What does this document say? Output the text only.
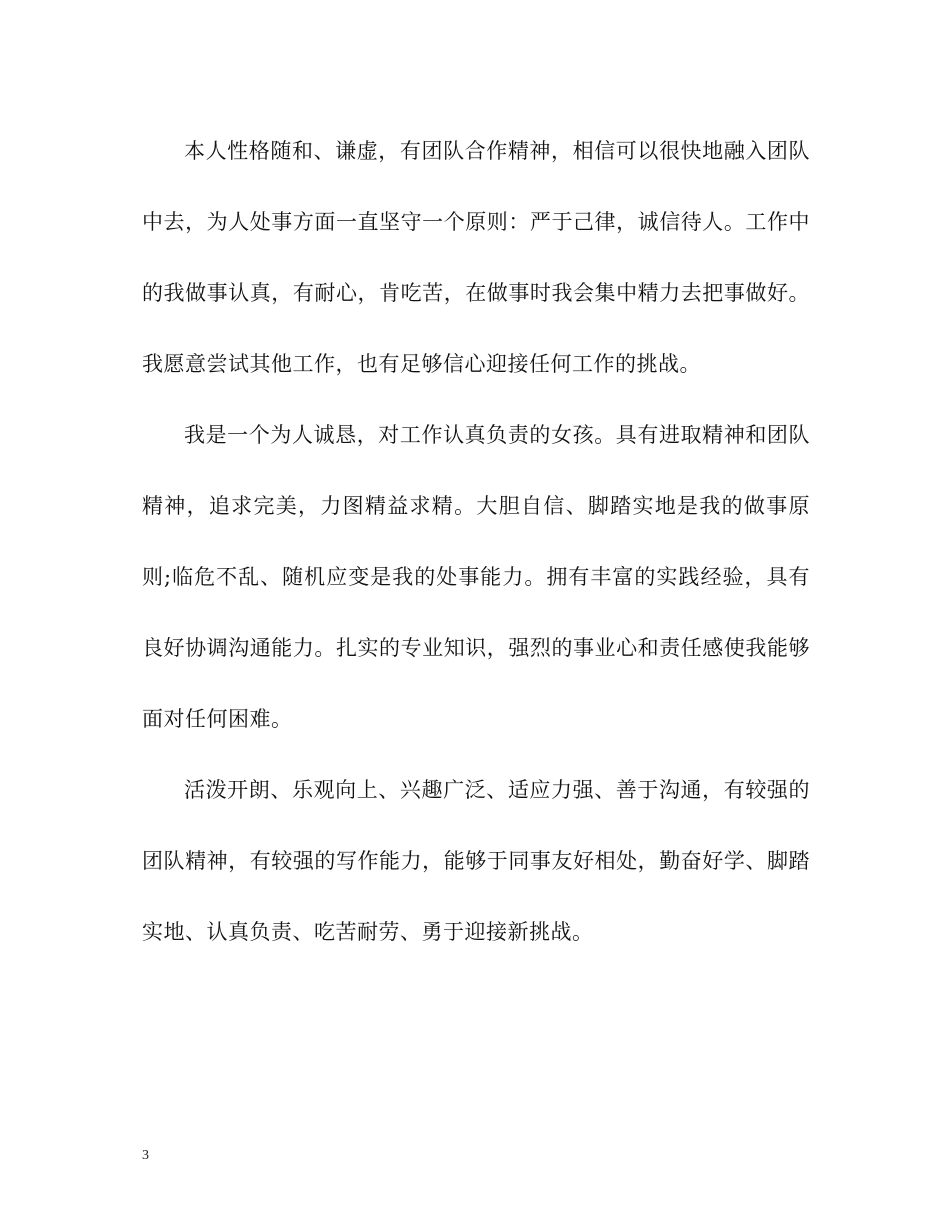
本人性格随和、谦虚，有团队合作精神，相信可以很快地融入团队中去，为人处事方面一直坚守一个原则：严于己律，诚信待人。工作中的我做事认真，有耐心，肯吃苦，在做事时我会集中精力去把事做好。我愿意尝试其他工作，也有足够信心迎接任何工作的挑战。

我是一个为人诚恳，对工作认真负责的女孩。具有进取精神和团队精神，追求完美，力图精益求精。大胆自信、脚踏实地是我的做事原则;临危不乱、随机应变是我的处事能力。拥有丰富的实践经验，具有良好协调沟通能力。扎实的专业知识，强烈的事业心和责任感使我能够面对任何困难。

活泼开朗、乐观向上、兴趣广泛、适应力强、善于沟通，有较强的团队精神，有较强的写作能力，能够于同事友好相处，勤奋好学、脚踏实地、认真负责、吃苦耐劳、勇于迎接新挑战。

3
